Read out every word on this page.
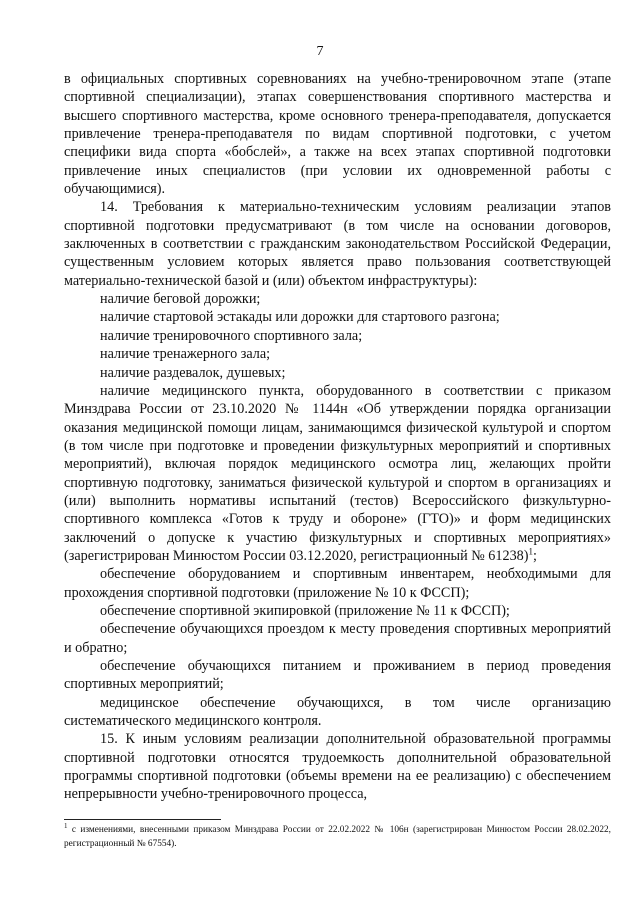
7

в официальных спортивных соревнованиях на учебно-тренировочном этапе (этапе спортивной специализации), этапах совершенствования спортивного мастерства и высшего спортивного мастерства, кроме основного тренера-преподавателя, допускается привлечение тренера-преподавателя по видам спортивной подготовки, с учетом специфики вида спорта «бобслей», а также на всех этапах спортивной подготовки привлечение иных специалистов (при условии их одновременной работы с обучающимися).

14. Требования к материально-техническим условиям реализации этапов спортивной подготовки предусматривают (в том числе на основании договоров, заключенных в соответствии с гражданским законодательством Российской Федерации, существенным условием которых является право пользования соответствующей материально-технической базой и (или) объектом инфраструктуры):

наличие беговой дорожки;

наличие стартовой эстакады или дорожки для стартового разгона;

наличие тренировочного спортивного зала;

наличие тренажерного зала;

наличие раздевалок, душевых;

наличие медицинского пункта, оборудованного в соответствии с приказом Минздрава России от 23.10.2020 № 1144н «Об утверждении порядка организации оказания медицинской помощи лицам, занимающимся физической культурой и спортом (в том числе при подготовке и проведении физкультурных мероприятий и спортивных мероприятий), включая порядок медицинского осмотра лиц, желающих пройти спортивную подготовку, заниматься физической культурой и спортом в организациях и (или) выполнить нормативы испытаний (тестов) Всероссийского физкультурно-спортивного комплекса «Готов к труду и обороне» (ГТО)» и форм медицинских заключений о допуске к участию физкультурных и спортивных мероприятиях» (зарегистрирован Минюстом России 03.12.2020, регистрационный № 61238)$^1$;

обеспечение оборудованием и спортивным инвентарем, необходимыми для прохождения спортивной подготовки (приложение № 10 к ФССП);

обеспечение спортивной экипировкой (приложение № 11 к ФССП);

обеспечение обучающихся проездом к месту проведения спортивных мероприятий и обратно;

обеспечение обучающихся питанием и проживанием в период проведения спортивных мероприятий;

медицинское обеспечение обучающихся, в том числе организацию систематического медицинского контроля.

15. К иным условиям реализации дополнительной образовательной программы спортивной подготовки относятся трудоемкость дополнительной образовательной программы спортивной подготовки (объемы времени на ее реализацию) с обеспечением непрерывности учебно-тренировочного процесса,

$^1$ с изменениями, внесенными приказом Минздрава России от 22.02.2022 № 106н (зарегистрирован Минюстом России 28.02.2022, регистрационный № 67554).
